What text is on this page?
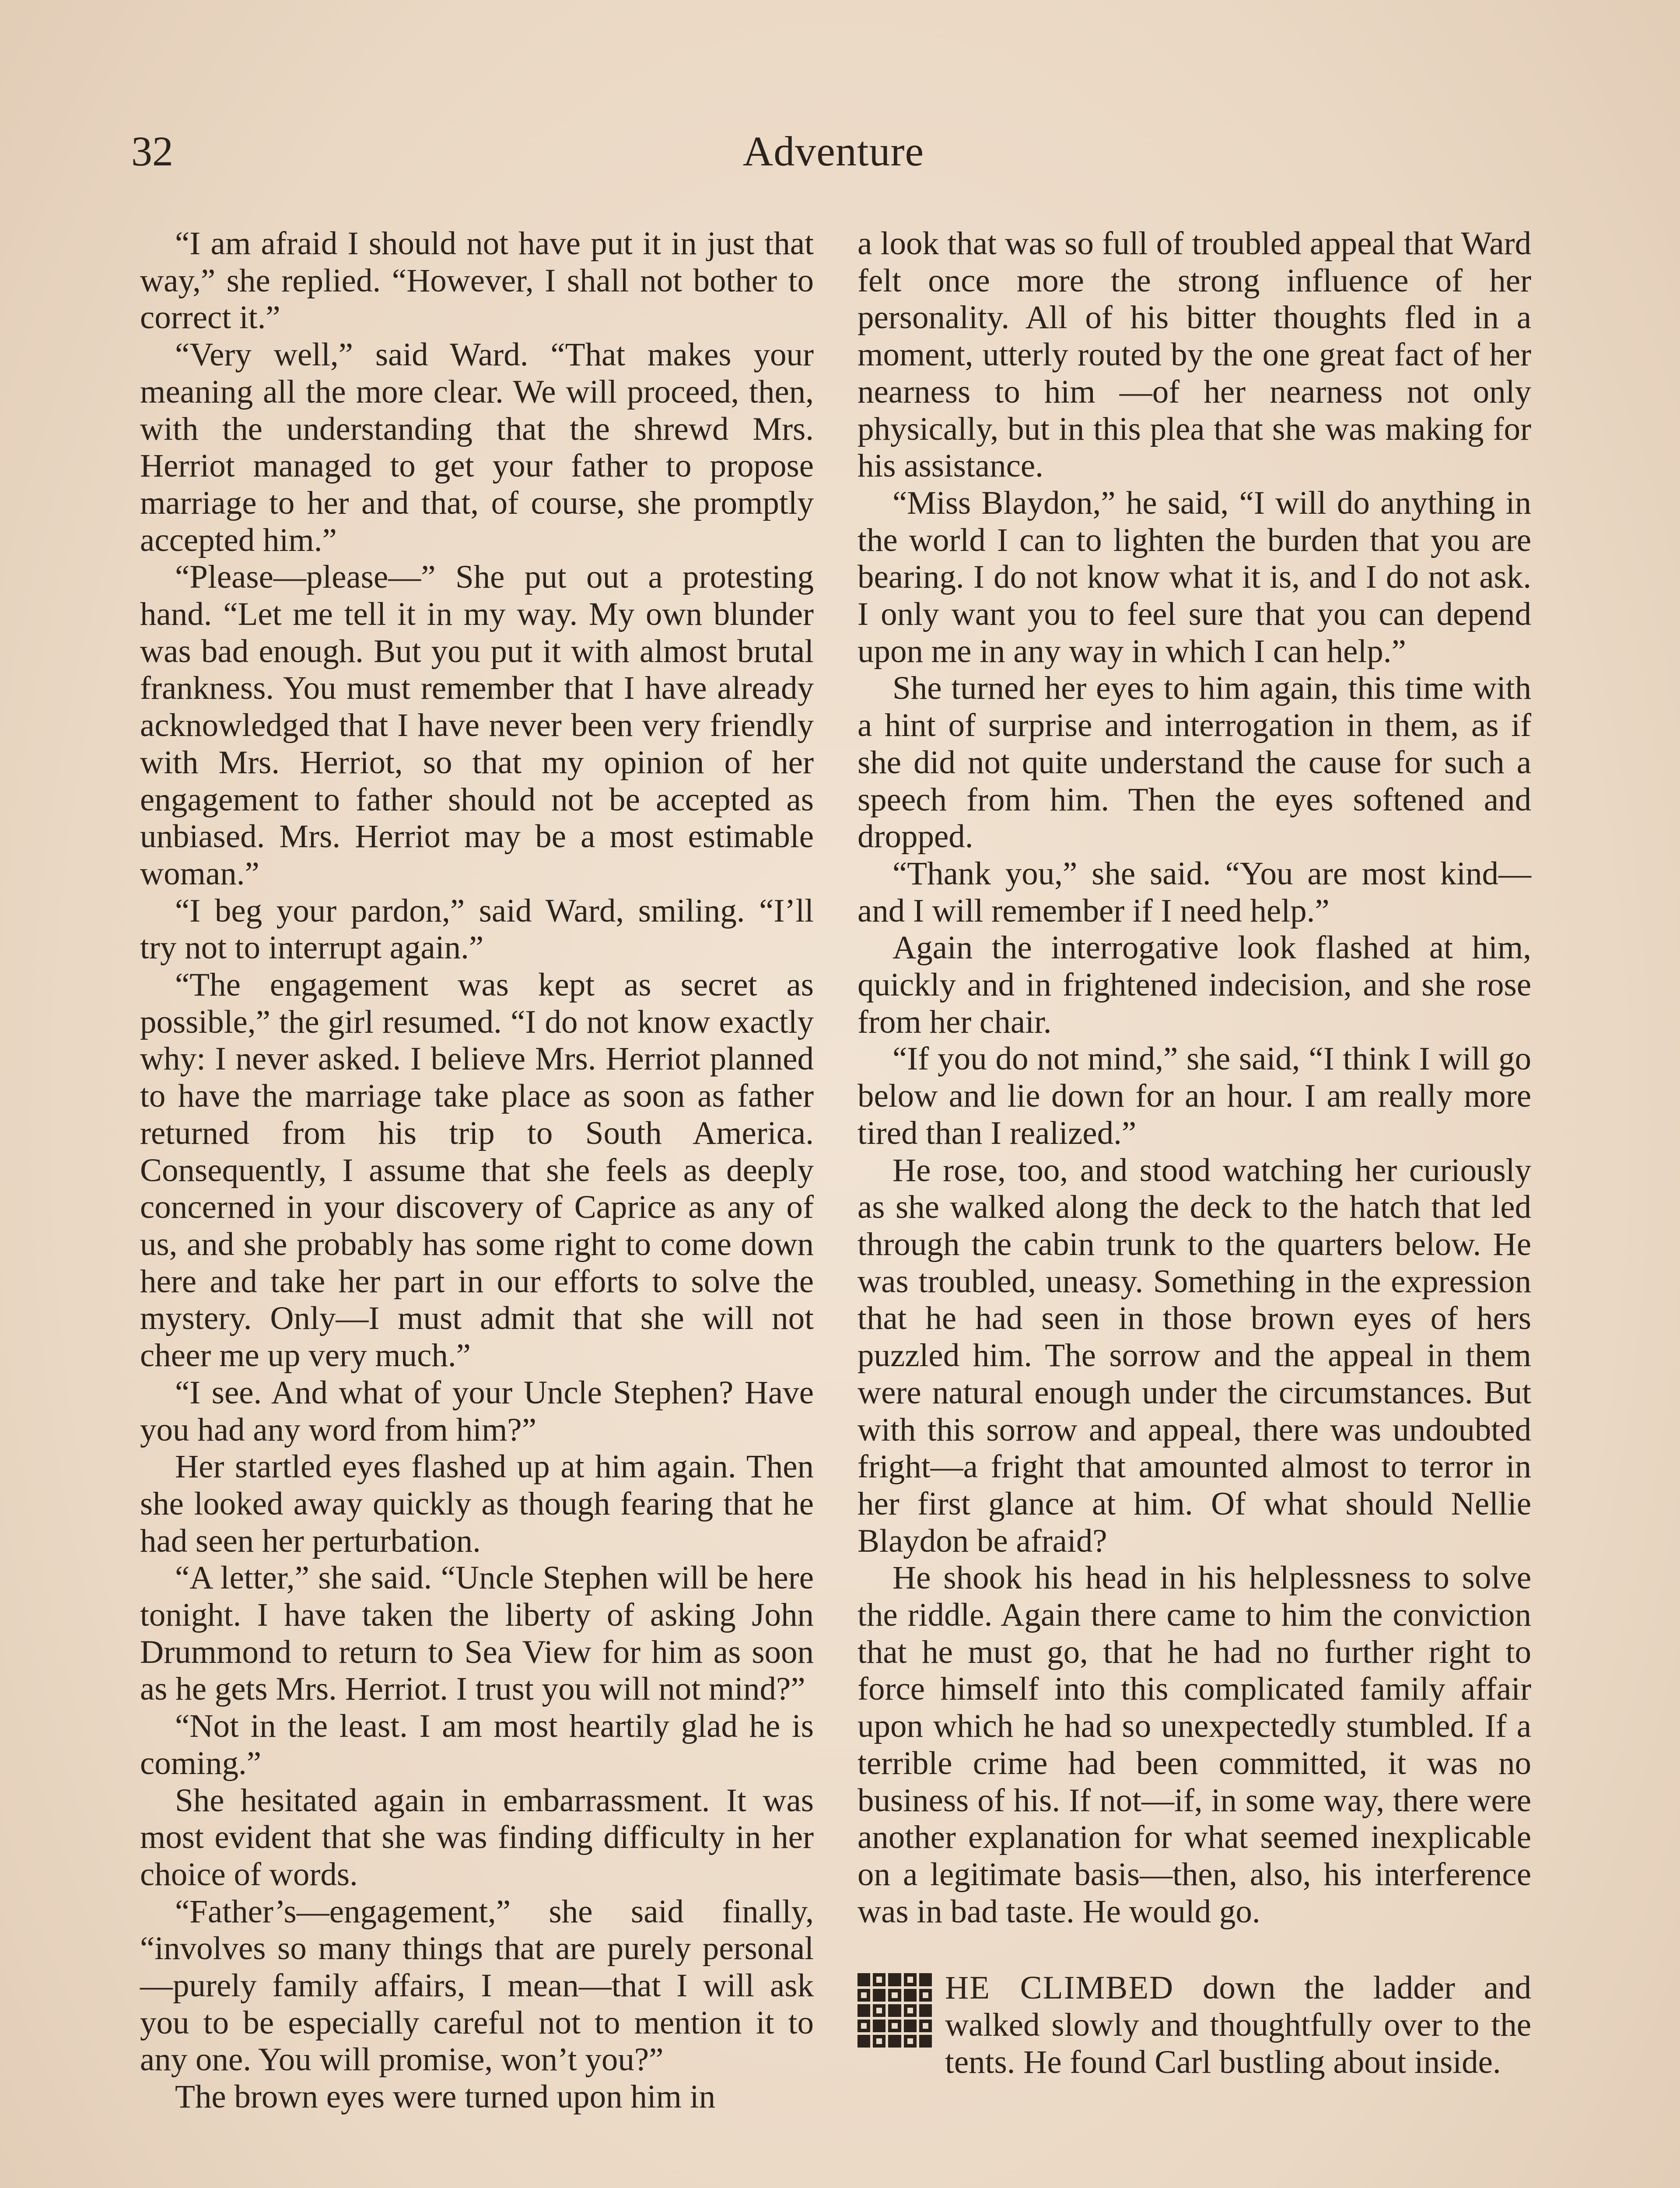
32	Adventure

“I am afraid I should not have put it in just that way,” she replied. “However, I shall not bother to correct it.”

“Very well,” said Ward. “That makes your meaning all the more clear. We will proceed, then, with the understanding that the shrewd Mrs. Herriot managed to get your father to propose marriage to her and that, of course, she promptly accepted him.”

“Please—please—” She put out a protesting hand. “Let me tell it in my way. My own blunder was bad enough. But you put it with almost brutal frankness. You must remember that I have already acknowledged that I have never been very friendly with Mrs. Herriot, so that my opinion of her engagement to father should not be accepted as unbiased. Mrs. Herriot may be a most estimable woman.”

“I beg your pardon,” said Ward, smiling. “I’ll try not to interrupt again.”

“The engagement was kept as secret as possible,” the girl resumed. “I do not know exactly why: I never asked. I believe Mrs. Herriot planned to have the marriage take place as soon as father returned from his trip to South America. Consequently, I assume that she feels as deeply concerned in your discovery of Caprice as any of us, and she probably has some right to come down here and take her part in our efforts to solve the mystery. Only—I must admit that she will not cheer me up very much.”

“I see. And what of your Uncle Stephen? Have you had any word from him?”

Her startled eyes flashed up at him again. Then she looked away quickly as though fearing that he had seen her perturbation.

“A letter,” she said. “Uncle Stephen will be here tonight. I have taken the liberty of asking John Drummond to return to Sea View for him as soon as he gets Mrs. Herriot. I trust you will not mind?”

“Not in the least. I am most heartily glad he is coming.”

She hesitated again in embarrassment. It was most evident that she was finding difficulty in her choice of words.

“Father’s—engagement,” she said finally, “involves so many things that are purely personal—purely family affairs, I mean—that I will ask you to be especially careful not to mention it to any one. You will promise, won’t you?”

The brown eyes were turned upon him in

a look that was so full of troubled appeal that Ward felt once more the strong influence of her personality. All of his bitter thoughts fled in a moment, utterly routed by the one great fact of her nearness to him —of her nearness not only physically, but in this plea that she was making for his assistance.

“Miss Blaydon,” he said, “I will do anything in the world I can to lighten the burden that you are bearing. I do not know what it is, and I do not ask. I only want you to feel sure that you can depend upon me in any way in which I can help.”

She turned her eyes to him again, this time with a hint of surprise and interrogation in them, as if she did not quite understand the cause for such a speech from him. Then the eyes softened and dropped.

“Thank you,” she said. “You are most kind—and I will remember if I need help.”

Again the interrogative look flashed at him, quickly and in frightened indecision, and she rose from her chair.

“If you do not mind,” she said, “I think I will go below and lie down for an hour. I am really more tired than I realized.”

He rose, too, and stood watching her curiously as she walked along the deck to the hatch that led through the cabin trunk to the quarters below. He was troubled, uneasy. Something in the expression that he had seen in those brown eyes of hers puzzled him. The sorrow and the appeal in them were natural enough under the circumstances. But with this sorrow and appeal, there was undoubted fright—a fright that amounted almost to terror in her first glance at him. Of what should Nellie Blaydon be afraid?

He shook his head in his helplessness to solve the riddle. Again there came to him the conviction that he must go, that he had no further right to force himself into this complicated family affair upon which he had so unexpectedly stumbled. If a terrible crime had been committed, it was no business of his. If not—if, in some way, there were another explanation for what seemed inexplicable on a legitimate basis—then, also, his interference was in bad taste. He would go.

HE CLIMBED down the ladder and walked slowly and thoughtfully over to the tents. He found Carl bustling about inside.
